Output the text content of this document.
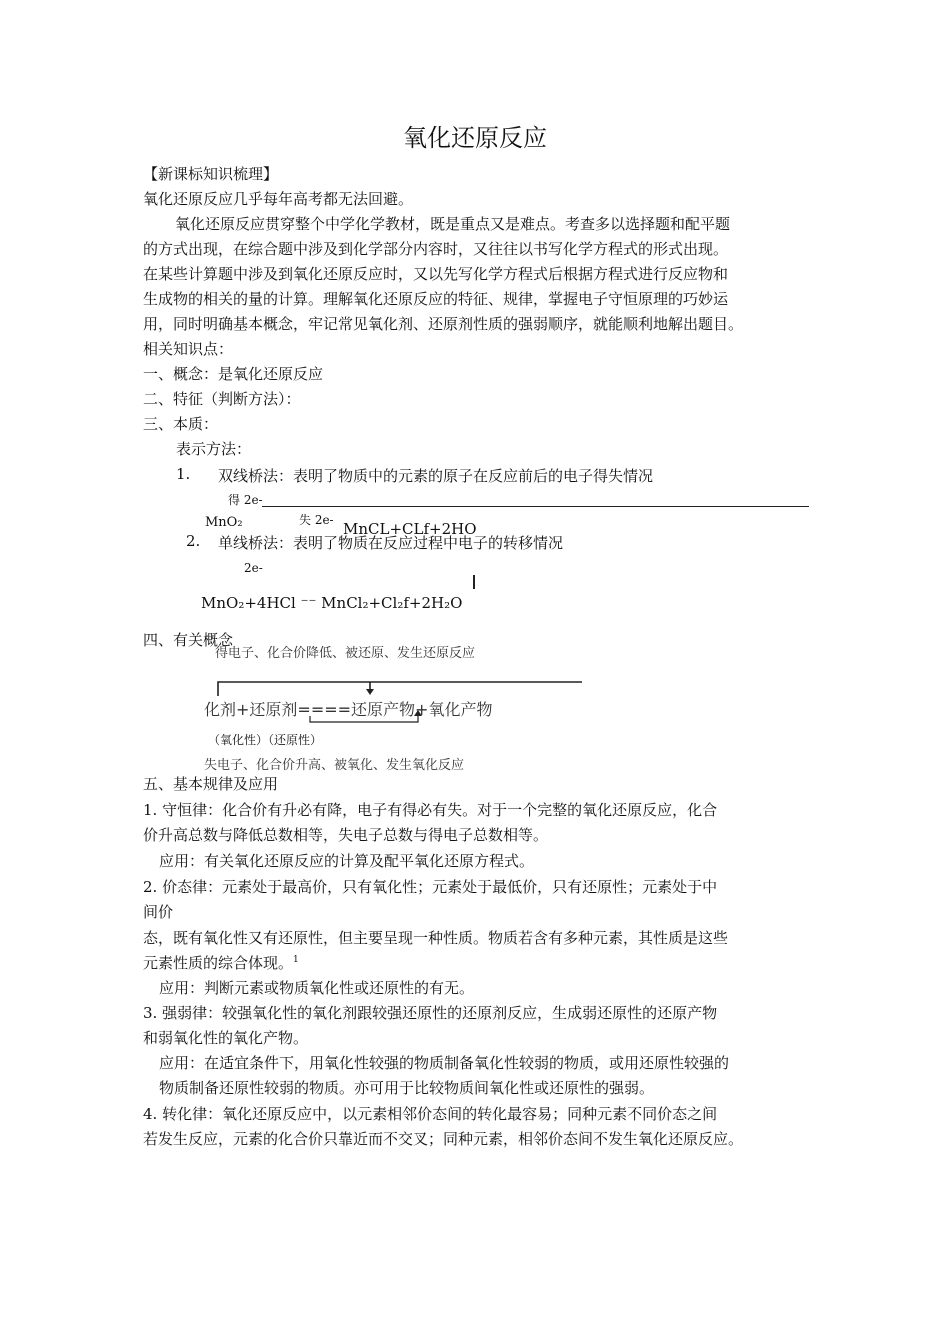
氧化还原反应
【新课标知识梳理】
氧化还原反应几乎每年高考都无法回避。
氧化还原反应贯穿整个中学化学教材，既是重点又是难点。考查多以选择题和配平题
的方式出现，在综合题中涉及到化学部分内容时，又往往以书写化学方程式的形式出现。
在某些计算题中涉及到氧化还原反应时，又以先写化学方程式后根据方程式进行反应物和
生成物的相关的量的计算。理解氧化还原反应的特征、规律，掌握电子守恒原理的巧妙运
用，同时明确基本概念，牢记常见氧化剂、还原剂性质的强弱顺序，就能顺利地解出题目。
相关知识点：
一、概念：是氧化还原反应
二、特征（判断方法）：
三、本质：
表示方法：
1. 双线桥法：表明了物质中的元素的原子在反应前后的电子得失情况
得 2e-
MnO₂	失 2e- MnCL+CLf+2HO
2. 单线桥法：表明了物质在反应过程中电子的转移情况
2e-
MnO₂+4HCl ⁻⁻ MnCl₂+Cl₂f+2H₂O
四、有关概念
得电子、化合价降低、被还原、发生还原反应
化剂+还原剂====还原产物+氧化产物
（氧化性）（还原性）
失电子、化合价升高、被氧化、发生氧化反应
五、基本规律及应用
1. 守恒律：化合价有升必有降，电子有得必有失。对于一个完整的氧化还原反应，化合
价升高总数与降低总数相等，失电子总数与得电子总数相等。
应用：有关氧化还原反应的计算及配平氧化还原方程式。
2. 价态律：元素处于最高价，只有氧化性；元素处于最低价，只有还原性；元素处于中
间价
态，既有氧化性又有还原性，但主要呈现一种性质。物质若含有多种元素，其性质是这些
元素性质的综合体现。$^1$
应用：判断元素或物质氧化性或还原性的有无。
3. 强弱律：较强氧化性的氧化剂跟较强还原性的还原剂反应，生成弱还原性的还原产物
和弱氧化性的氧化产物。
应用：在适宜条件下，用氧化性较强的物质制备氧化性较弱的物质，或用还原性较强的
物质制备还原性较弱的物质。亦可用于比较物质间氧化性或还原性的强弱。
4. 转化律：氧化还原反应中，以元素相邻价态间的转化最容易；同种元素不同价态之间
若发生反应，元素的化合价只靠近而不交叉；同种元素，相邻价态间不发生氧化还原反应。
